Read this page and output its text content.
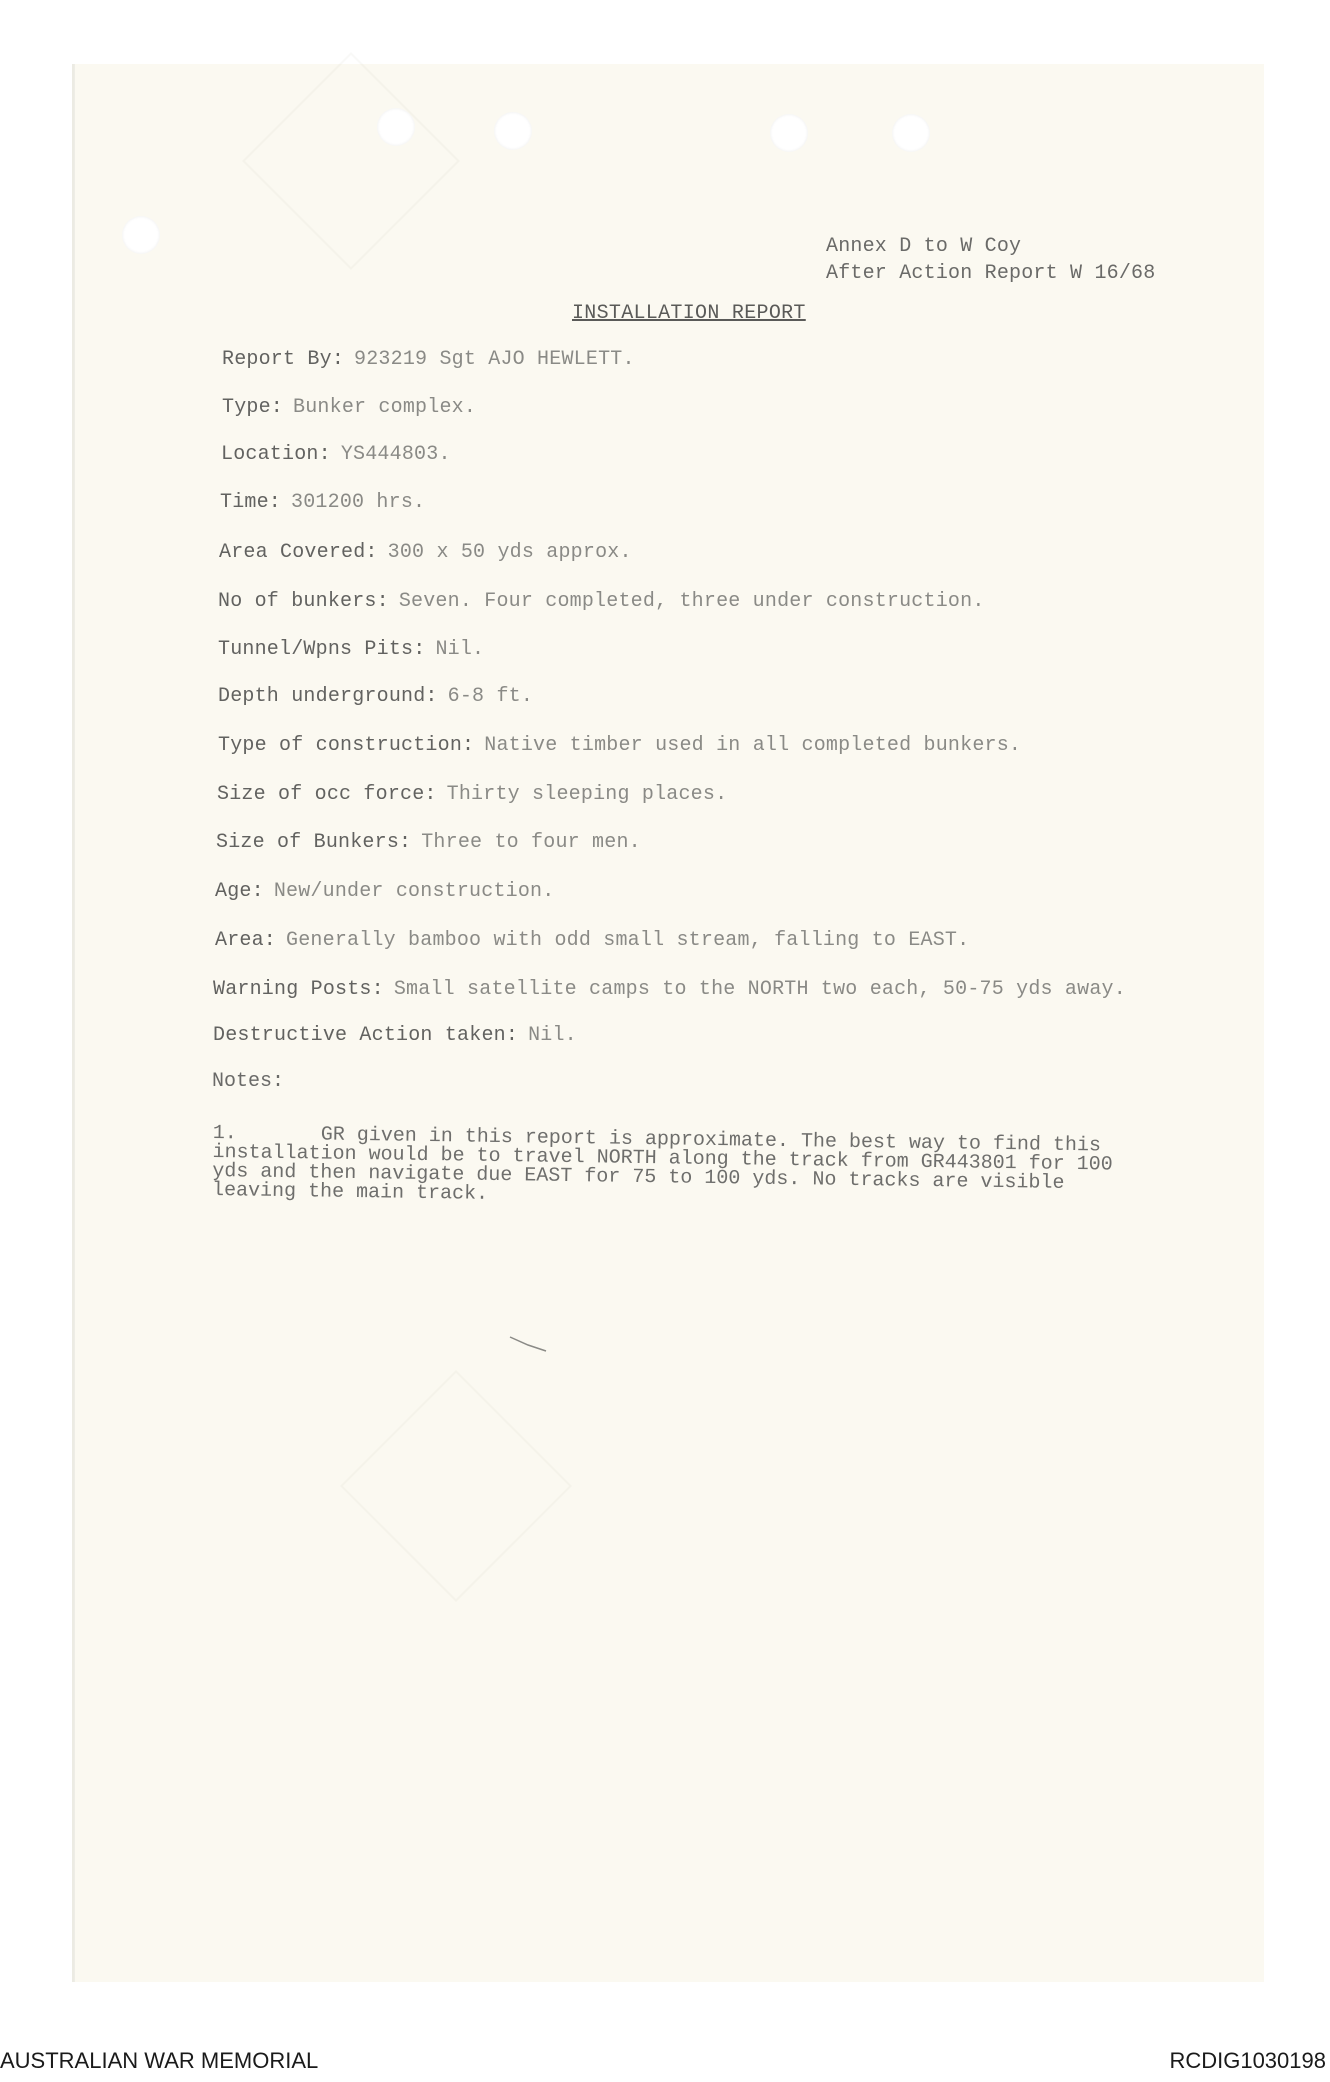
Annex D to W Coy
After Action Report W 16/68
INSTALLATION REPORT
Report By: 923219 Sgt AJO HEWLETT.
Type: Bunker complex.
Location: YS444803.
Time: 301200 hrs.
Area Covered: 300 x 50 yds approx.
No of bunkers: Seven. Four completed, three under construction.
Tunnel/Wpns Pits: Nil.
Depth underground: 6-8 ft.
Type of construction: Native timber used in all completed bunkers.
Size of occ force: Thirty sleeping places.
Size of Bunkers: Three to four men.
Age: New/under construction.
Area: Generally bamboo with odd small stream, falling to EAST.
Warning Posts: Small satellite camps to the NORTH two each, 50-75 yds away.
Destructive Action taken: Nil.
Notes:
1.	GR given in this report is approximate. The best way to find this installation would be to travel NORTH along the track from GR443801 for 100 yds and then navigate due EAST for 75 to 100 yds. No tracks are visible leaving the main track.
AUSTRALIAN WAR MEMORIAL	RCDIG1030198
